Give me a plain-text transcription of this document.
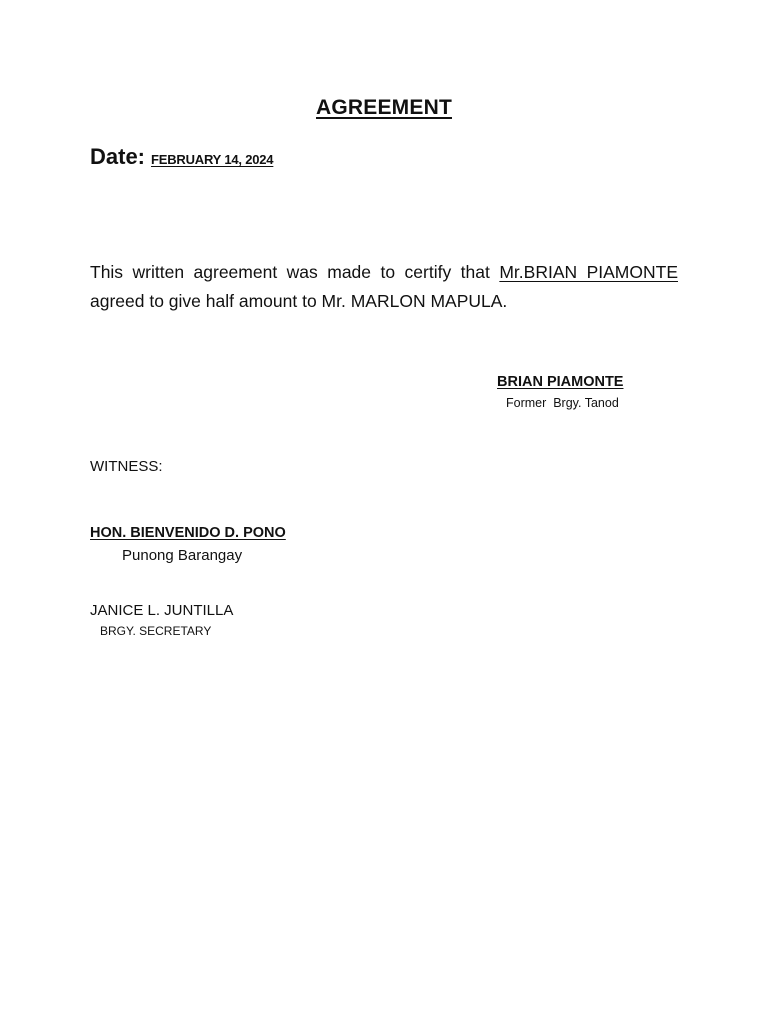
AGREEMENT
Date: FEBRUARY 14, 2024
This written agreement was made to certify that Mr.BRIAN PIAMONTE agreed to give half amount to Mr. MARLON MAPULA.
BRIAN PIAMONTE
Former  Brgy. Tanod
WITNESS:
HON. BIENVENIDO D. PONO
Punong Barangay
JANICE L. JUNTILLA
BRGY. SECRETARY
